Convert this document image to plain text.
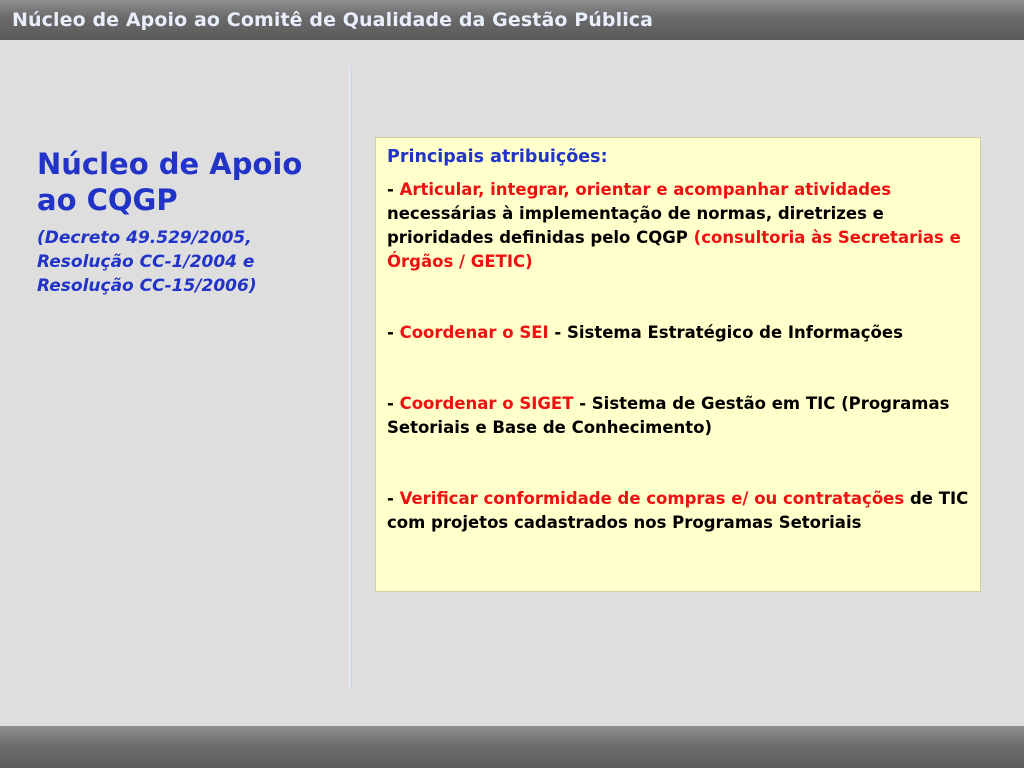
Núcleo de Apoio ao Comitê de Qualidade da Gestão Pública
Núcleo de Apoio ao CQGP
(Decreto 49.529/2005,
Resolução CC-1/2004 e
Resolução CC-15/2006)
Principais atribuições:
- Articular, integrar, orientar e acompanhar atividades necessárias à implementação de normas, diretrizes e prioridades definidas pelo CQGP (consultoria às Secretarias e Órgãos / GETIC)
- Coordenar o SEI - Sistema Estratégico de Informações
- Coordenar o SIGET - Sistema de Gestão em TIC (Programas Setoriais e Base de Conhecimento)
- Verificar conformidade de compras e/ ou contratações de TIC com projetos cadastrados nos Programas Setoriais
